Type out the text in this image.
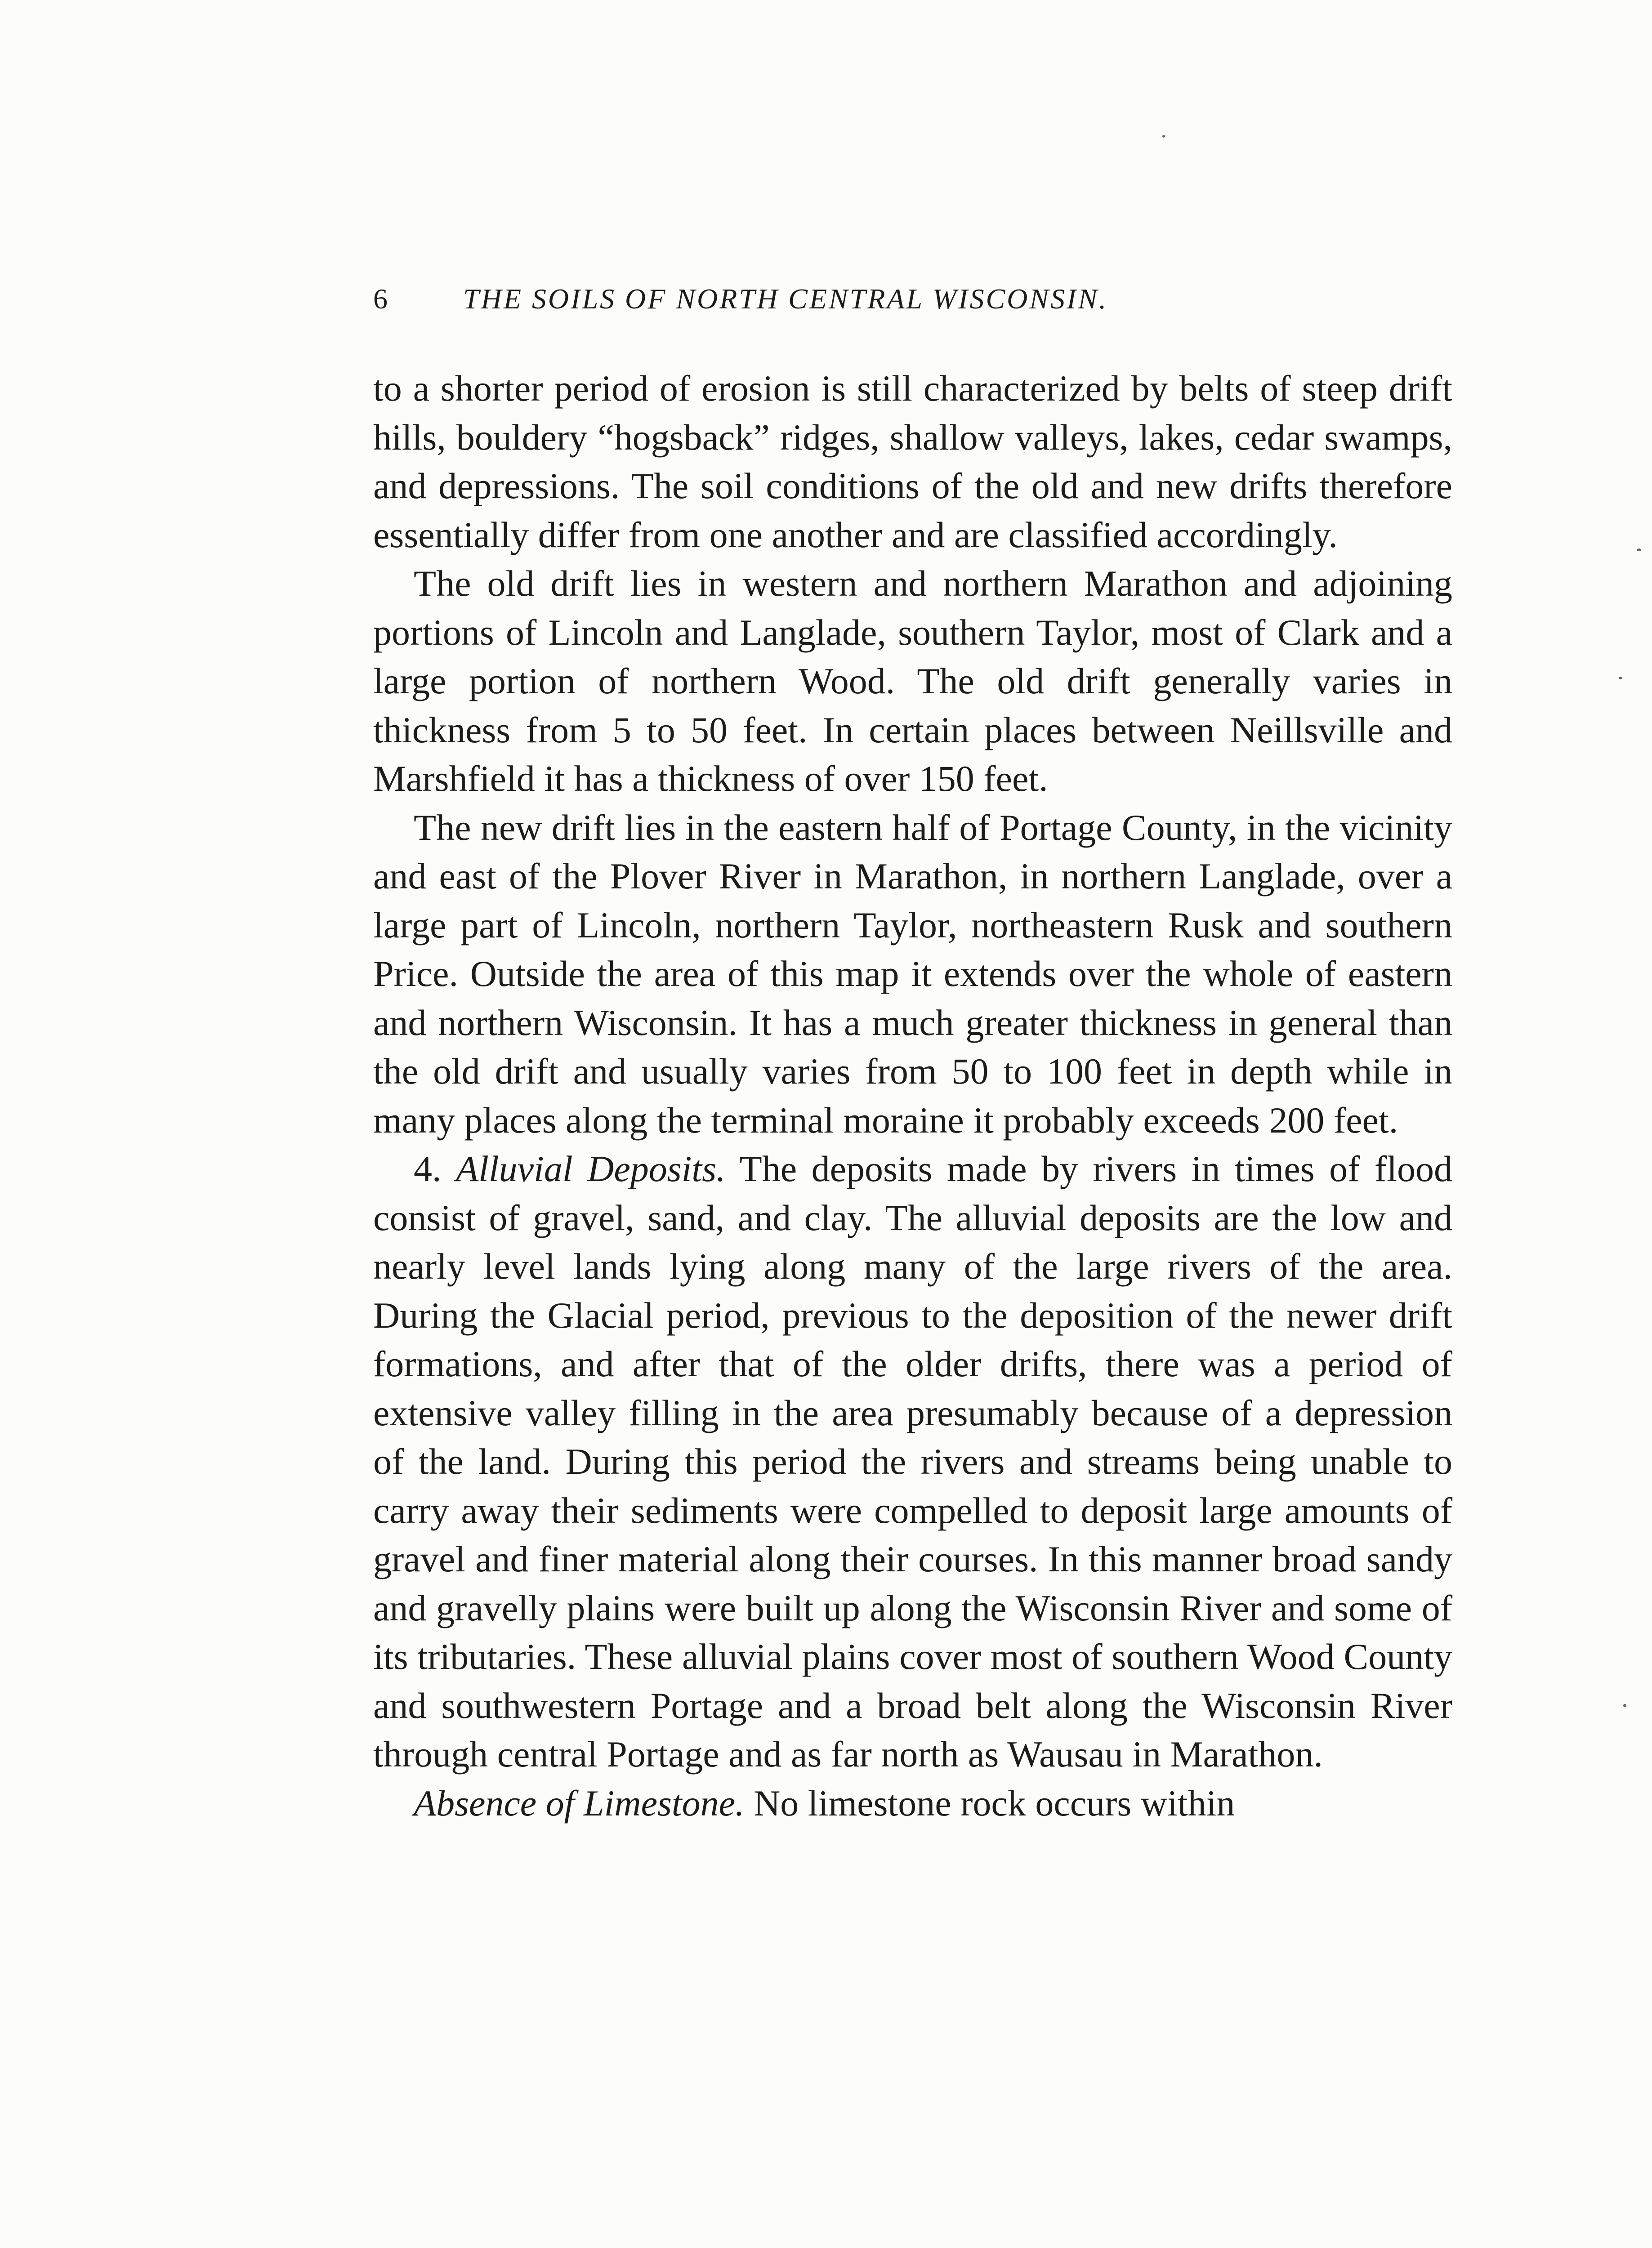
6	THE SOILS OF NORTH CENTRAL WISCONSIN.

to a shorter period of erosion is still characterized by belts of steep drift hills, bouldery “hogsback” ridges, shallow valleys, lakes, cedar swamps, and depressions. The soil conditions of the old and new drifts therefore essentially differ from one another and are classified accordingly.

The old drift lies in western and northern Marathon and adjoining portions of Lincoln and Langlade, southern Taylor, most of Clark and a large portion of northern Wood. The old drift generally varies in thickness from 5 to 50 feet. In certain places between Neillsville and Marshfield it has a thickness of over 150 feet.

The new drift lies in the eastern half of Portage County, in the vicinity and east of the Plover River in Marathon, in northern Langlade, over a large part of Lincoln, northern Taylor, northeastern Rusk and southern Price. Outside the area of this map it extends over the whole of eastern and northern Wisconsin. It has a much greater thickness in general than the old drift and usually varies from 50 to 100 feet in depth while in many places along the terminal moraine it probably exceeds 200 feet.

4. Alluvial Deposits. The deposits made by rivers in times of flood consist of gravel, sand, and clay. The alluvial deposits are the low and nearly level lands lying along many of the large rivers of the area. During the Glacial period, previous to the deposition of the newer drift formations, and after that of the older drifts, there was a period of extensive valley filling in the area presumably because of a depression of the land. During this period the rivers and streams being unable to carry away their sediments were compelled to deposit large amounts of gravel and finer material along their courses. In this manner broad sandy and gravelly plains were built up along the Wisconsin River and some of its tributaries. These alluvial plains cover most of southern Wood County and southwestern Portage and a broad belt along the Wisconsin River through central Portage and as far north as Wausau in Marathon.

Absence of Limestone. No limestone rock occurs within
